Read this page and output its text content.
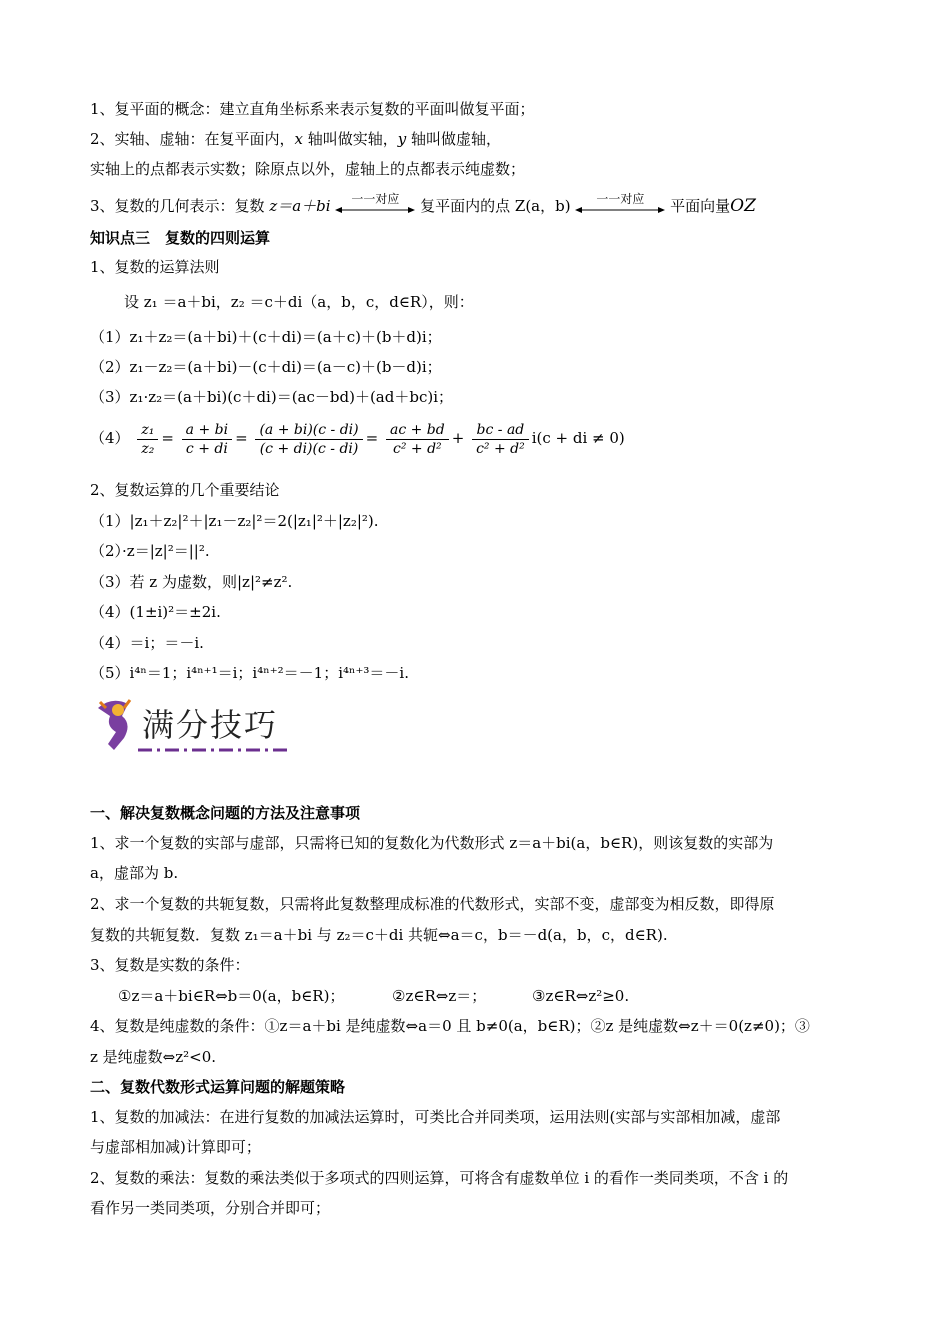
1、复平面的概念：建立直角坐标系来表示复数的平面叫做复平面；
2、实轴、虚轴：在复平面内，x 轴叫做实轴，y 轴叫做虚轴，
实轴上的点都表示实数；除原点以外，虚轴上的点都表示纯虚数；
3、复数的几何表示：复数 z＝a＋bi	一一对应	复平面内的点 Z(a，b)	一一对应	平面向量OZ
知识点三　复数的四则运算
1、复数的运算法则
设 z₁ ＝a＋bi，z₂ ＝c＋di（a，b，c，d∈R），则：
（1）z₁＋z₂＝(a＋bi)＋(c＋di)＝(a＋c)＋(b＋d)i；
（2）z₁－z₂＝(a＋bi)－(c＋di)＝(a－c)＋(b－d)i；
（3）z₁·z₂＝(a＋bi)(c＋di)＝(ac－bd)＋(ad＋bc)i；
$(4) \frac{\text{z₁}}{\text{z₂}} = \frac{a + bi}{c + di} = \frac{(a + bi)(c - di)}{(c + di)(c - di)} = \frac{ac + bd}{\text{c² + d²}} + \frac{bc - ad}{\text{c² + d²}} i(c$ + di ≠ 0)
2、复数运算的几个重要结论
（1）|z₁＋z₂|²＋|z₁－z₂|²＝2(|z₁|²＋|z₂|²).
（2）·z＝|z|²＝||².
（3）若 z 为虚数，则|z|²≠z².
（4）(1±i)²＝±2i.
（4）＝i；＝－i.
（5）i⁴ⁿ＝1；i⁴ⁿ⁺¹＝i；i⁴ⁿ⁺²＝－1；i⁴ⁿ⁺³＝－i.
满分技巧
一、解决复数概念问题的方法及注意事项
1、求一个复数的实部与虚部，只需将已知的复数化为代数形式 z＝a＋bi(a，b∈R)，则该复数的实部为
a，虚部为 b.
2、求一个复数的共轭复数，只需将此复数整理成标准的代数形式，实部不变，虚部变为相反数，即得原
复数的共轭复数．复数 z₁＝a＋bi 与 z₂＝c＋di 共轭⇔a＝c，b＝－d(a，b，c，d∈R).
3、复数是实数的条件：
①z＝a＋bi∈R⇔b＝0(a，b∈R)；	②z∈R⇔z＝；	③z∈R⇔z²≥0.
4、复数是纯虚数的条件：①z＝a＋bi 是纯虚数⇔a＝0 且 b≠0(a，b∈R)；②z 是纯虚数⇔z＋＝0(z≠0)；③
z 是纯虚数⇔z²<0.
二、复数代数形式运算问题的解题策略
1、复数的加减法：在进行复数的加减法运算时，可类比合并同类项，运用法则(实部与实部相加减，虚部
与虚部相加减)计算即可；
2、复数的乘法：复数的乘法类似于多项式的四则运算，可将含有虚数单位 i 的看作一类同类项，不含 i 的
看作另一类同类项，分别合并即可；
